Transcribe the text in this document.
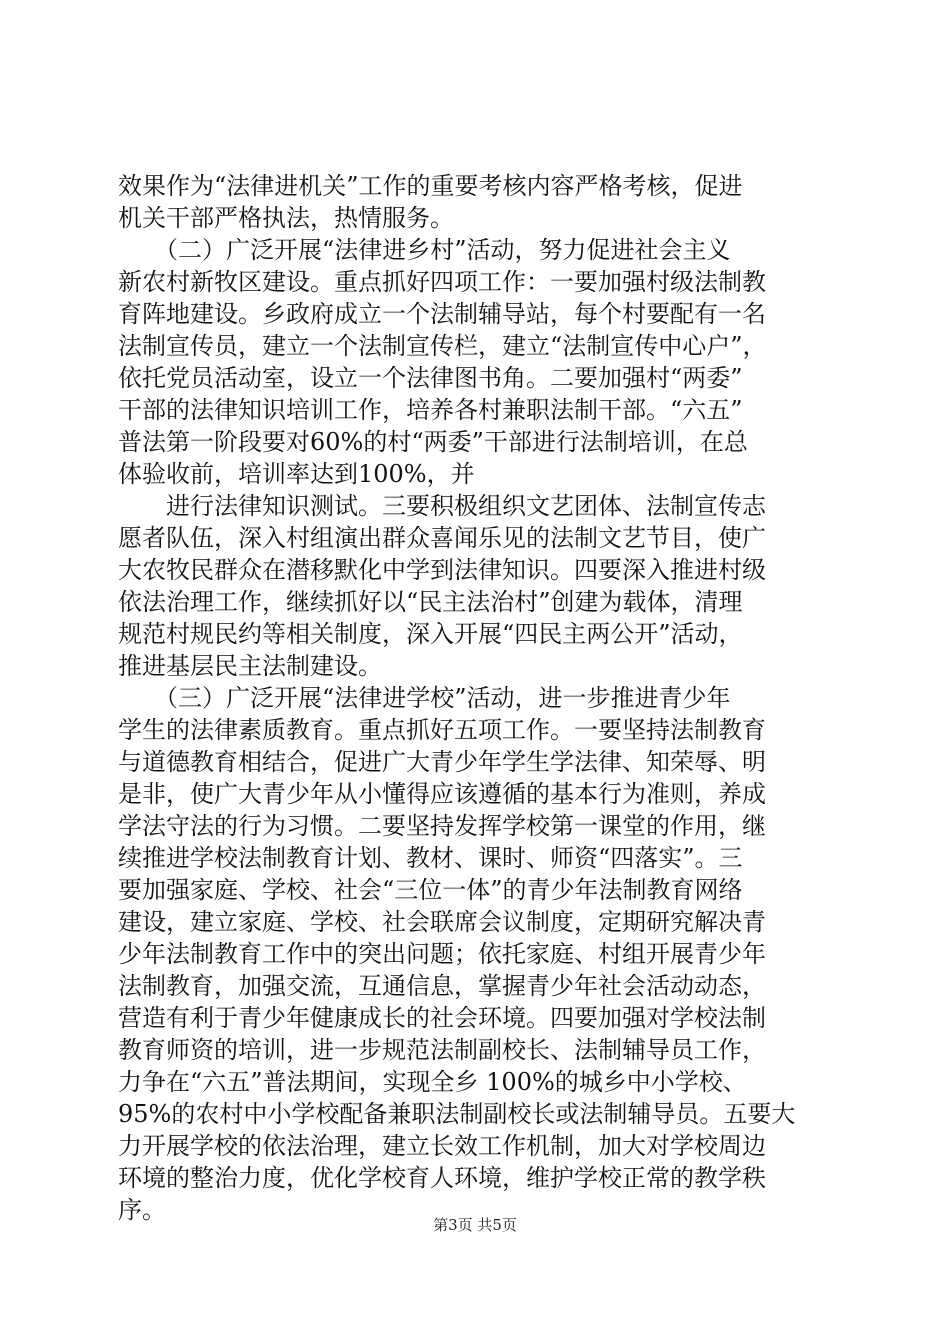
效果作为“法律进机关”工作的重要考核内容严格考核，促进
机关干部严格执法，热情服务。
　　（二）广泛开展“法律进乡村”活动，努力促进社会主义
新农村新牧区建设。重点抓好四项工作：一要加强村级法制教
育阵地建设。乡政府成立一个法制辅导站，每个村要配有一名
法制宣传员，建立一个法制宣传栏，建立“法制宣传中心户”，
依托党员活动室，设立一个法律图书角。二要加强村“两委”
干部的法律知识培训工作，培养各村兼职法制干部。“六五”
普法第一阶段要对60%的村“两委”干部进行法制培训，在总
体验收前，培训率达到100%，并
　　进行法律知识测试。三要积极组织文艺团体、法制宣传志
愿者队伍，深入村组演出群众喜闻乐见的法制文艺节目，使广
大农牧民群众在潜移默化中学到法律知识。四要深入推进村级
依法治理工作，继续抓好以“民主法治村”创建为载体，清理
规范村规民约等相关制度，深入开展“四民主两公开”活动，
推进基层民主法制建设。
　　（三）广泛开展“法律进学校”活动，进一步推进青少年
学生的法律素质教育。重点抓好五项工作。一要坚持法制教育
与道德教育相结合，促进广大青少年学生学法律、知荣辱、明
是非，使广大青少年从小懂得应该遵循的基本行为准则，养成
学法守法的行为习惯。二要坚持发挥学校第一课堂的作用，继
续推进学校法制教育计划、教材、课时、师资“四落实”。三
要加强家庭、学校、社会“三位一体”的青少年法制教育网络
建设，建立家庭、学校、社会联席会议制度，定期研究解决青
少年法制教育工作中的突出问题；依托家庭、村组开展青少年
法制教育，加强交流，互通信息，掌握青少年社会活动动态，
营造有利于青少年健康成长的社会环境。四要加强对学校法制
教育师资的培训，进一步规范法制副校长、法制辅导员工作，
力争在“六五”普法期间，实现全乡 100%的城乡中小学校、
95%的农村中小学校配备兼职法制副校长或法制辅导员。五要大
力开展学校的依法治理，建立长效工作机制，加大对学校周边
环境的整治力度，优化学校育人环境，维护学校正常的教学秩
序。
第3页 共5页
